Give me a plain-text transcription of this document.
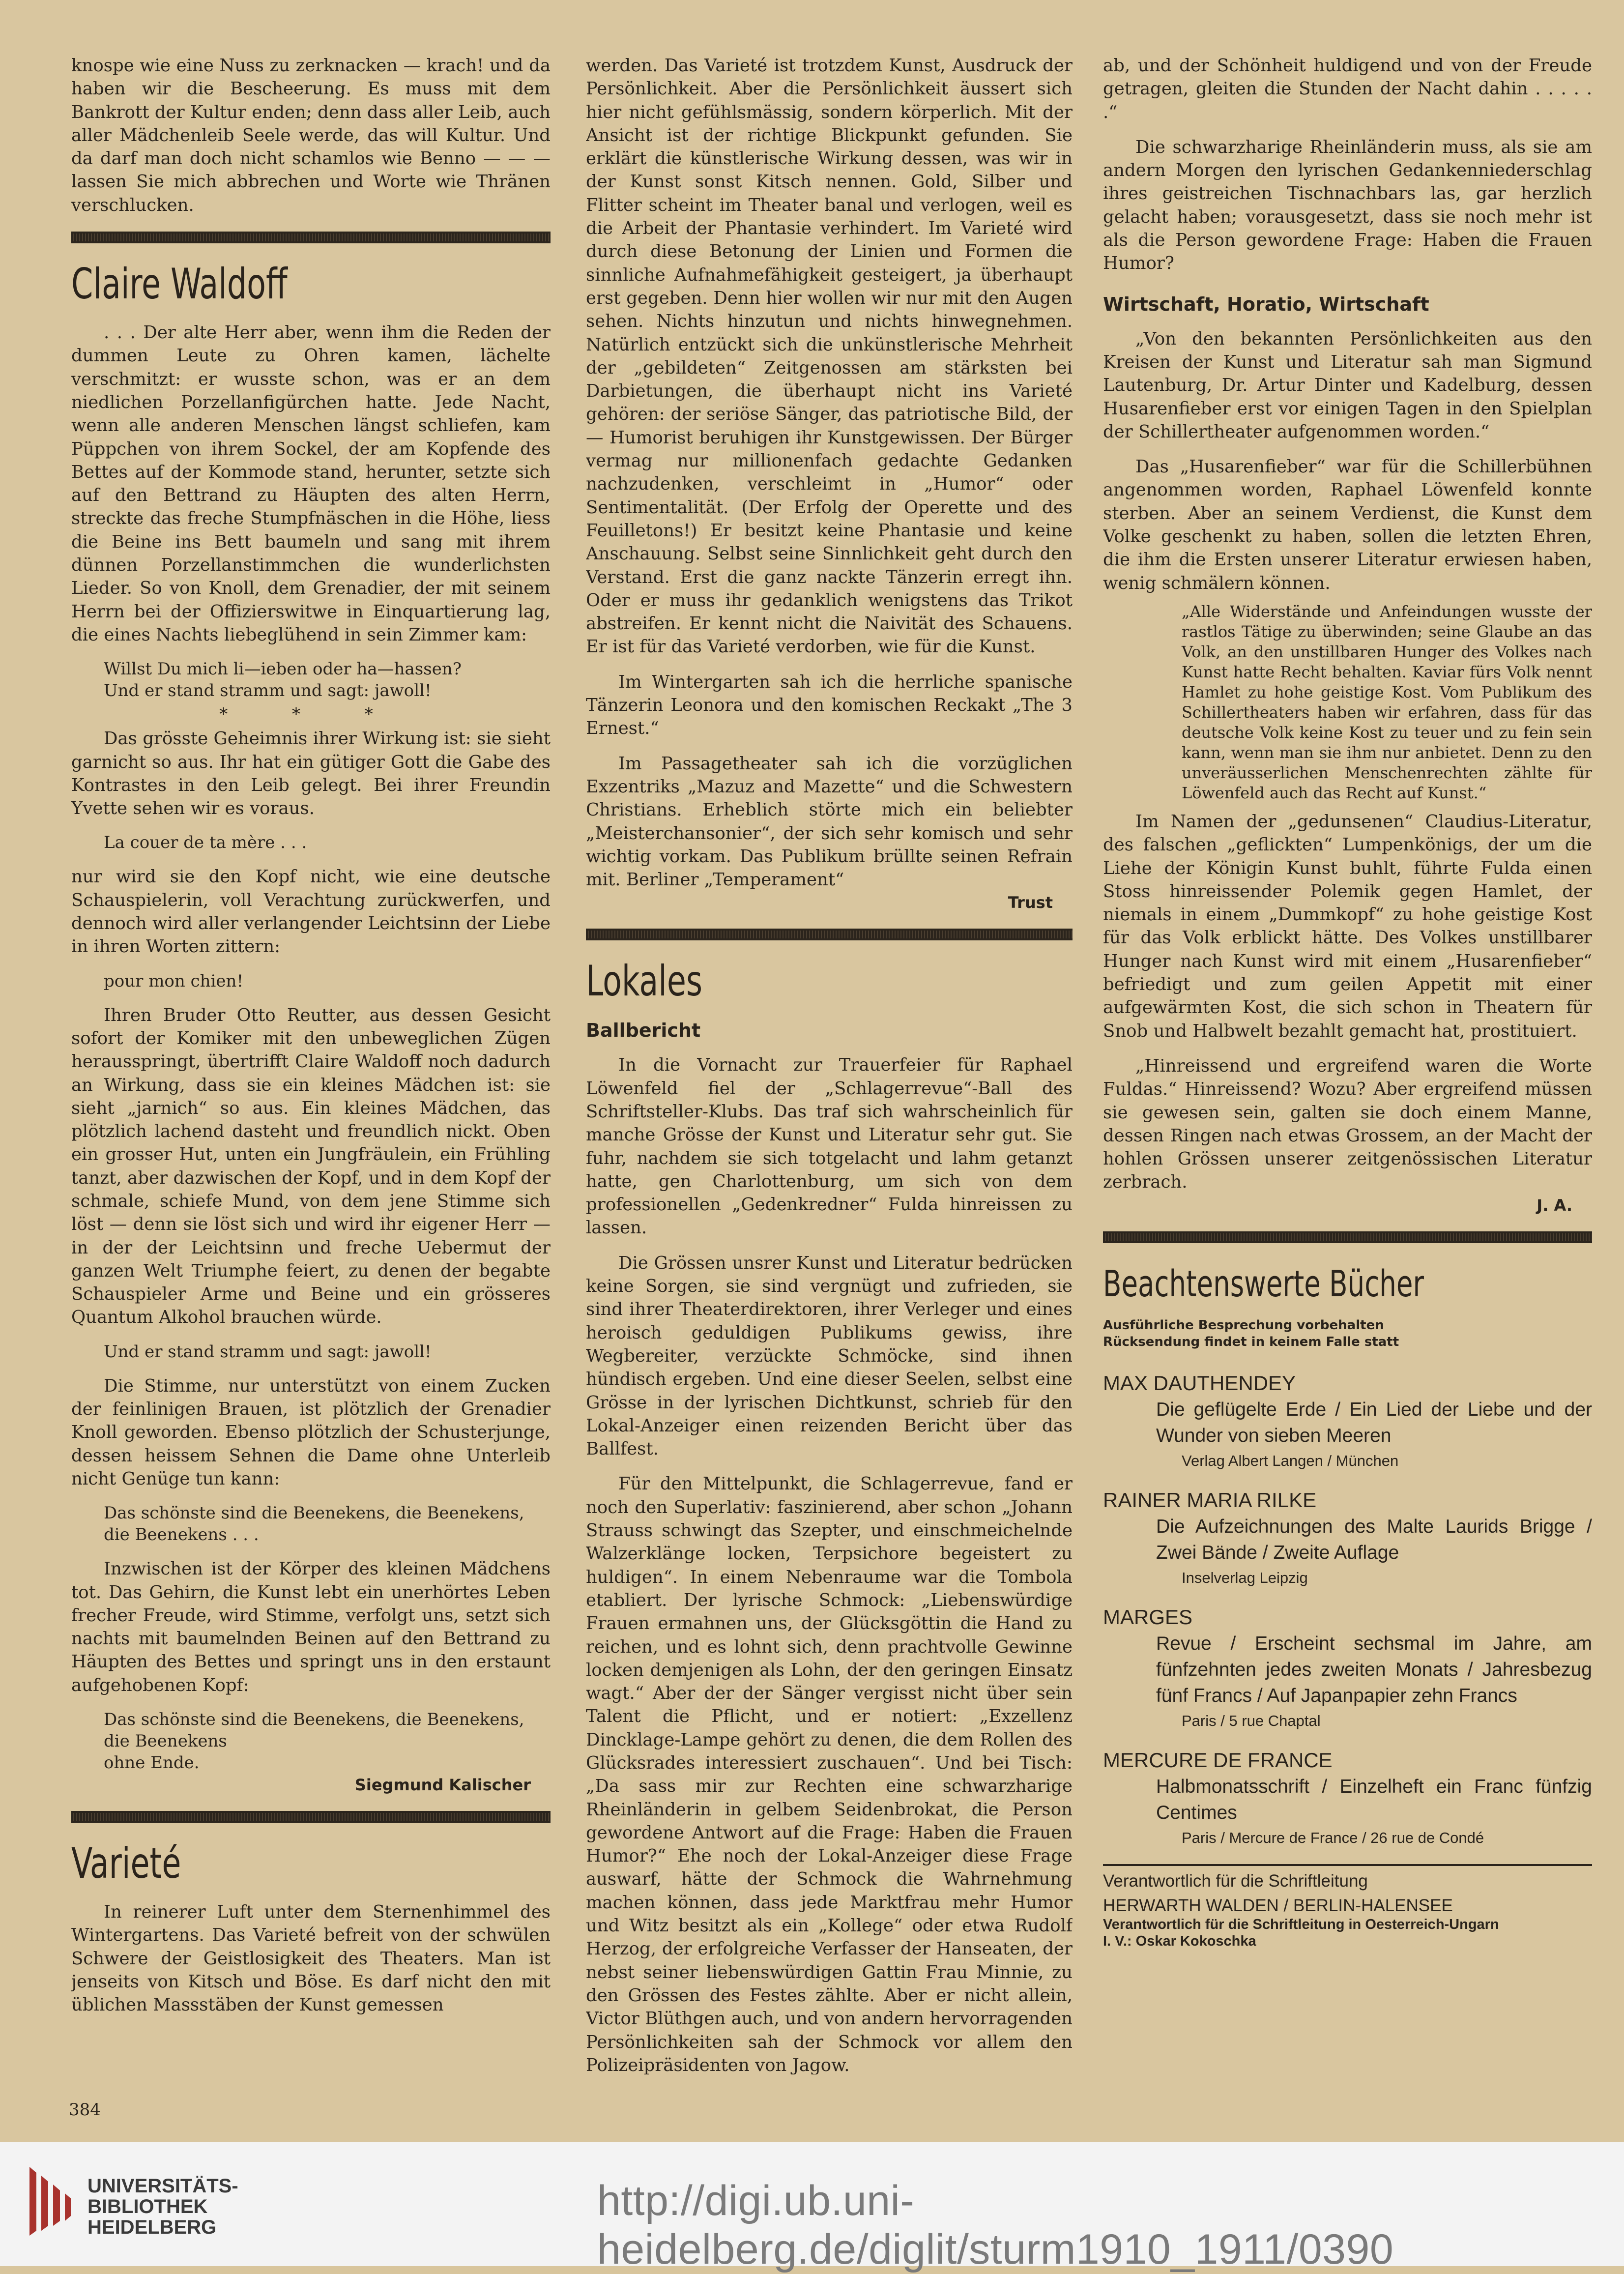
knospe wie eine Nuss zu zerknacken — krach! und da haben wir die Bescheerung. Es muss mit dem Bankrott der Kultur enden; denn dass aller Leib, auch aller Mädchenleib Seele werde, das will Kultur. Und da darf man doch nicht schamlos wie Benno — — — lassen Sie mich abbrechen und Worte wie Thränen verschlucken.

Claire Waldoff

. . . Der alte Herr aber, wenn ihm die Reden der dummen Leute zu Ohren kamen, lächelte verschmitzt: er wusste schon, was er an dem niedlichen Porzellanfigürchen hatte. Jede Nacht, wenn alle anderen Menschen längst schliefen, kam Püppchen von ihrem Sockel, der am Kopfende des Bettes auf der Kommode stand, herunter, setzte sich auf den Bettrand zu Häupten des alten Herrn, streckte das freche Stumpfnäschen in die Höhe, liess die Beine ins Bett baumeln und sang mit ihrem dünnen Porzellanstimmchen die wunderlichsten Lieder. So von Knoll, dem Grenadier, der mit seinem Herrn bei der Offizierswitwe in Einquartierung lag, die eines Nachts liebeglühend in sein Zimmer kam:

Willst Du mich li—ieben oder ha—hassen?
Und er stand stramm und sagt: jawoll!
* * *

Das grösste Geheimnis ihrer Wirkung ist: sie sieht garnicht so aus. Ihr hat ein gütiger Gott die Gabe des Kontrastes in den Leib gelegt. Bei ihrer Freundin Yvette sehen wir es voraus.

La couer de ta mère . . .

nur wird sie den Kopf nicht, wie eine deutsche Schauspielerin, voll Verachtung zurückwerfen, und dennoch wird aller verlangender Leichtsinn der Liebe in ihren Worten zittern:

pour mon chien!

Ihren Bruder Otto Reutter, aus dessen Gesicht sofort der Komiker mit den unbeweglichen Zügen herausspringt, übertrifft Claire Waldoff noch dadurch an Wirkung, dass sie ein kleines Mädchen ist: sie sieht „jarnich“ so aus. Ein kleines Mädchen, das plötzlich lachend dasteht und freundlich nickt. Oben ein grosser Hut, unten ein Jungfräulein, ein Frühling tanzt, aber dazwischen der Kopf, und in dem Kopf der schmale, schiefe Mund, von dem jene Stimme sich löst — denn sie löst sich und wird ihr eigener Herr — in der der Leichtsinn und freche Uebermut der ganzen Welt Triumphe feiert, zu denen der begabte Schauspieler Arme und Beine und ein grösseres Quantum Alkohol brauchen würde.

Und er stand stramm und sagt: jawoll!

Die Stimme, nur unterstützt von einem Zucken der feinlinigen Brauen, ist plötzlich der Grenadier Knoll geworden. Ebenso plötzlich der Schusterjunge, dessen heissem Sehnen die Dame ohne Unterleib nicht Genüge tun kann:

Das schönste sind die Beenekens, die Beenekens, die Beenekens . . .

Inzwischen ist der Körper des kleinen Mädchens tot. Das Gehirn, die Kunst lebt ein unerhörtes Leben frecher Freude, wird Stimme, verfolgt uns, setzt sich nachts mit baumelnden Beinen auf den Bettrand zu Häupten des Bettes und springt uns in den erstaunt aufgehobenen Kopf:

Das schönste sind die Beenekens, die Beenekens, die Beenekens
ohne Ende.
Siegmund Kalischer
Varieté

In reinerer Luft unter dem Sternenhimmel des Wintergartens. Das Varieté befreit von der schwülen Schwere der Geistlosigkeit des Theaters. Man ist jenseits von Kitsch und Böse. Es darf nicht den mit üblichen Massstäben der Kunst gemessen

werden. Das Varieté ist trotzdem Kunst, Ausdruck der Persönlichkeit. Aber die Persönlichkeit äussert sich hier nicht gefühlsmässig, sondern körperlich. Mit der Ansicht ist der richtige Blickpunkt gefunden. Sie erklärt die künstlerische Wirkung dessen, was wir in der Kunst sonst Kitsch nennen. Gold, Silber und Flitter scheint im Theater banal und verlogen, weil es die Arbeit der Phantasie verhindert. Im Varieté wird durch diese Betonung der Linien und Formen die sinnliche Aufnahmefähigkeit gesteigert, ja überhaupt erst gegeben. Denn hier wollen wir nur mit den Augen sehen. Nichts hinzutun und nichts hinwegnehmen. Natürlich entzückt sich die unkünstlerische Mehrheit der „gebildeten“ Zeitgenossen am stärksten bei Darbietungen, die überhaupt nicht ins Varieté gehören: der seriöse Sänger, das patriotische Bild, der — Humorist beruhigen ihr Kunstgewissen. Der Bürger vermag nur millionenfach gedachte Gedanken nachzudenken, verschleimt in „Humor“ oder Sentimentalität. (Der Erfolg der Operette und des Feuilletons!) Er besitzt keine Phantasie und keine Anschauung. Selbst seine Sinnlichkeit geht durch den Verstand. Erst die ganz nackte Tänzerin erregt ihn. Oder er muss ihr gedanklich wenigstens das Trikot abstreifen. Er kennt nicht die Naivität des Schauens. Er ist für das Varieté verdorben, wie für die Kunst.

Im Wintergarten sah ich die herrliche spanische Tänzerin Leonora und den komischen Reckakt „The 3 Ernest.“

Im Passagetheater sah ich die vorzüglichen Exzentriks „Mazuz and Mazette“ und die Schwestern Christians. Erheblich störte mich ein beliebter „Meisterchansonier“, der sich sehr komisch und sehr wichtig vorkam. Das Publikum brüllte seinen Refrain mit. Berliner „Temperament“

Trust
Lokales
Ballbericht

In die Vornacht zur Trauerfeier für Raphael Löwenfeld fiel der „Schlagerrevue“-Ball des Schriftsteller-Klubs. Das traf sich wahrscheinlich für manche Grösse der Kunst und Literatur sehr gut. Sie fuhr, nachdem sie sich totgelacht und lahm getanzt hatte, gen Charlottenburg, um sich von dem professionellen „Gedenkredner“ Fulda hinreissen zu lassen.

Die Grössen unsrer Kunst und Literatur bedrücken keine Sorgen, sie sind vergnügt und zufrieden, sie sind ihrer Theaterdirektoren, ihrer Verleger und eines heroisch geduldigen Publikums gewiss, ihre Wegbereiter, verzückte Schmöcke, sind ihnen hündisch ergeben. Und eine dieser Seelen, selbst eine Grösse in der lyrischen Dichtkunst, schrieb für den Lokal-Anzeiger einen reizenden Bericht über das Ballfest.

Für den Mittelpunkt, die Schlagerrevue, fand er noch den Superlativ: faszinierend, aber schon „Johann Strauss schwingt das Szepter, und einschmeichelnde Walzerklänge locken, Terpsichore begeistert zu huldigen“. In einem Nebenraume war die Tombola etabliert. Der lyrische Schmock: „Liebenswürdige Frauen ermahnen uns, der Glücksgöttin die Hand zu reichen, und es lohnt sich, denn prachtvolle Gewinne locken demjenigen als Lohn, der den geringen Einsatz wagt.“ Aber der der Sänger vergisst nicht über sein Talent die Pflicht, und er notiert: „Exzellenz Dincklage-Lampe gehört zu denen, die dem Rollen des Glücksrades interessiert zuschauen“. Und bei Tisch: „Da sass mir zur Rechten eine schwarzharige Rheinländerin in gelbem Seidenbrokat, die Person gewordene Antwort auf die Frage: Haben die Frauen Humor?“ Ehe noch der Lokal-Anzeiger diese Frage auswarf, hätte der Schmock die Wahrnehmung machen können, dass jede Marktfrau mehr Humor und Witz besitzt als ein „Kollege“ oder etwa Rudolf Herzog, der erfolgreiche Verfasser der Hanseaten, der nebst seiner liebenswürdigen Gattin Frau Minnie, zu den Grössen des Festes zählte. Aber er nicht allein, Victor Blüthgen auch, und von andern hervorragenden Persönlichkeiten sah der Schmock vor allem den Polizeipräsidenten von Jagow.

ab, und der Schönheit huldigend und von der Freude getragen, gleiten die Stunden der Nacht dahin . . . . . .“

Die schwarzharige Rheinländerin muss, als sie am andern Morgen den lyrischen Gedankenniederschlag ihres geistreichen Tischnachbars las, gar herzlich gelacht haben; vorausgesetzt, dass sie noch mehr ist als die Person gewordene Frage: Haben die Frauen Humor?

Wirtschaft, Horatio, Wirtschaft

„Von den bekannten Persönlichkeiten aus den Kreisen der Kunst und Literatur sah man Sigmund Lautenburg, Dr. Artur Dinter und Kadelburg, dessen Husarenfieber erst vor einigen Tagen in den Spielplan der Schillertheater aufgenommen worden.“

Das „Husarenfieber“ war für die Schillerbühnen angenommen worden, Raphael Löwenfeld konnte sterben. Aber an seinem Verdienst, die Kunst dem Volke geschenkt zu haben, sollen die letzten Ehren, die ihm die Ersten unserer Literatur erwiesen haben, wenig schmälern können.

„Alle Widerstände und Anfeindungen wusste der rastlos Tätige zu überwinden; seine Glaube an das Volk, an den unstillbaren Hunger des Volkes nach Kunst hatte Recht behalten. Kaviar fürs Volk nennt Hamlet zu hohe geistige Kost. Vom Publikum des Schillertheaters haben wir erfahren, dass für das deutsche Volk keine Kost zu teuer und zu fein sein kann, wenn man sie ihm nur anbietet. Denn zu den unveräusserlichen Menschenrechten zählte für Löwenfeld auch das Recht auf Kunst.“

Im Namen der „gedunsenen“ Claudius-Literatur, des falschen „geflickten“ Lumpenkönigs, der um die Liehe der Königin Kunst buhlt, führte Fulda einen Stoss hinreissender Polemik gegen Hamlet, der niemals in einem „Dummkopf“ zu hohe geistige Kost für das Volk erblickt hätte. Des Volkes unstillbarer Hunger nach Kunst wird mit einem „Husarenfieber“ befriedigt und zum geilen Appetit mit einer aufgewärmten Kost, die sich schon in Theatern für Snob und Halbwelt bezahlt gemacht hat, prostituiert.

„Hinreissend und ergreifend waren die Worte Fuldas.“ Hinreissend? Wozu? Aber ergreifend müssen sie gewesen sein, galten sie doch einem Manne, dessen Ringen nach etwas Grossem, an der Macht der hohlen Grössen unserer zeitgenössischen Literatur zerbrach.

J. A.
Beachtenswerte Bücher
Ausführliche Besprechung vorbehalten
Rücksendung findet in keinem Falle statt
MAX DAUTHENDEY
Die geflügelte Erde / Ein Lied der Liebe und der Wunder von sieben Meeren
Verlag Albert Langen / München
RAINER MARIA RILKE
Die Aufzeichnungen des Malte Laurids Brigge / Zwei Bände / Zweite Auflage
Inselverlag Leipzig
MARGES
Revue / Erscheint sechsmal im Jahre, am fünfzehnten jedes zweiten Monats / Jahresbezug fünf Francs / Auf Japanpapier zehn Francs
Paris / 5 rue Chaptal
MERCURE DE FRANCE
Halbmonatsschrift / Einzelheft ein Franc fünfzig Centimes
Paris / Mercure de France / 26 rue de Condé
Verantwortlich für die Schriftleitung
HERWARTH WALDEN / BERLIN-HALENSEE
Verantwortlich für die Schriftleitung in Oesterreich-Ungarn
I. V.: Oskar Kokoschka
384
UNIVERSITÄTS-
BIBLIOTHEK
HEIDELBERG
http://digi.ub.uni-heidelberg.de/diglit/sturm1910_1911/0390
